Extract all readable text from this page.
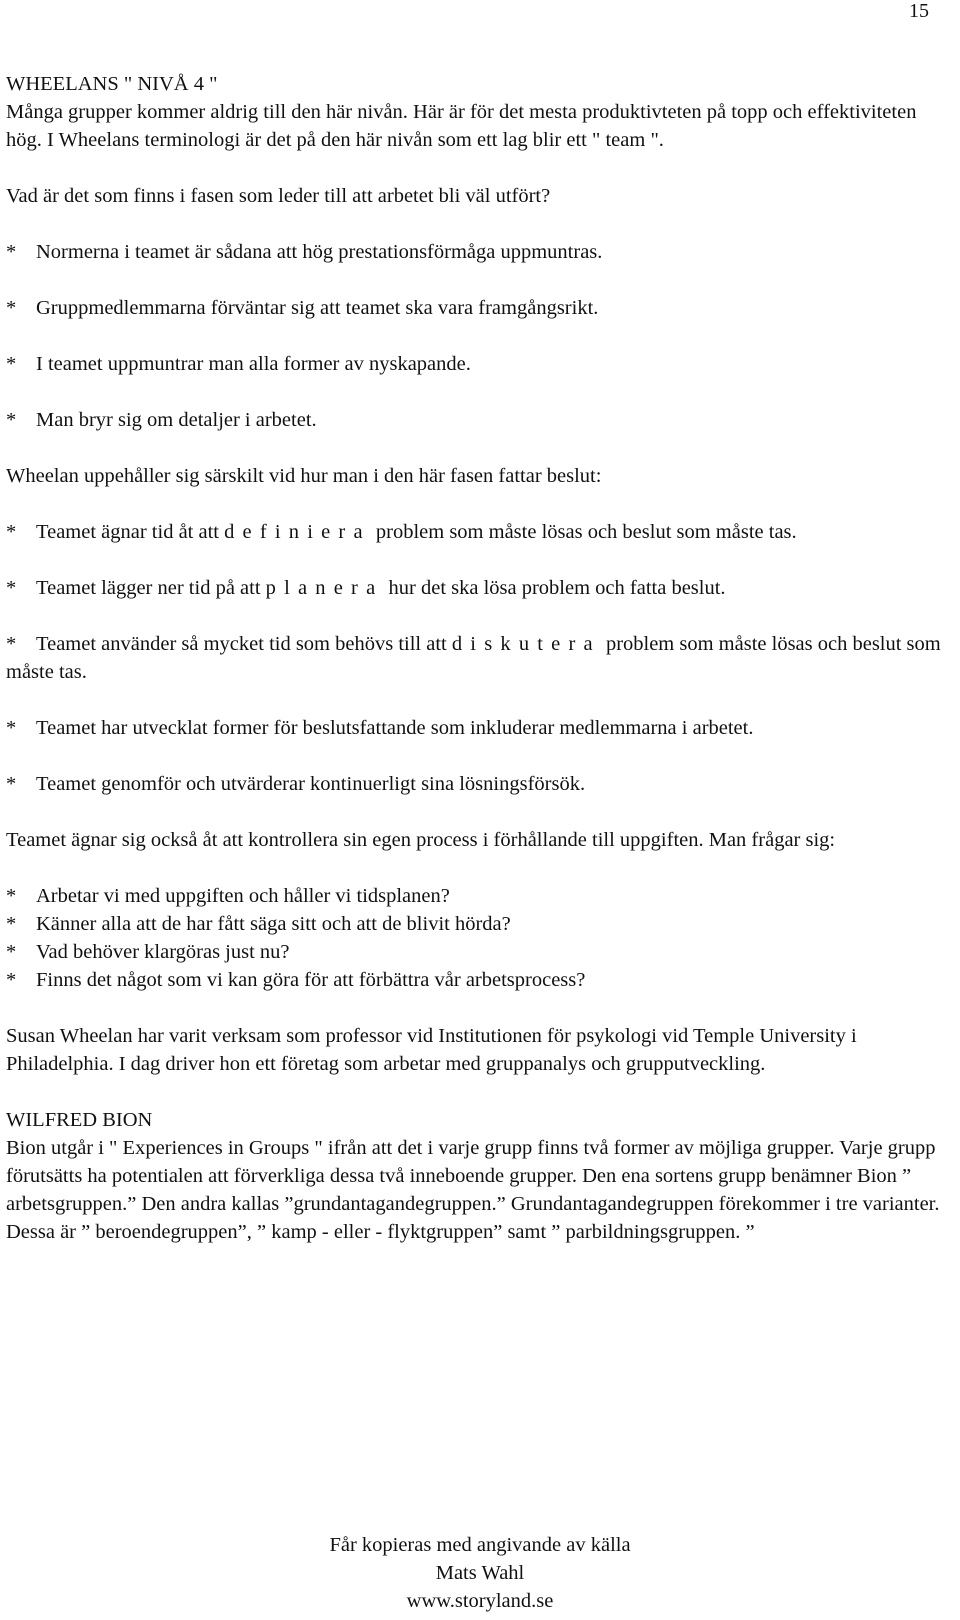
15

WHEELANS " NIVÅ 4 "

Många grupper kommer aldrig till den här nivån. Här är för det mesta produktivteten på topp och effektiviteten hög. I Wheelans terminologi är det på den här nivån som ett lag blir ett " team ".

Vad är det som finns i fasen som leder till att arbetet bli väl utfört?

* Normerna i teamet är sådana att hög prestationsförmåga uppmuntras.
* Gruppmedlemmarna förväntar sig att teamet ska vara framgångsrikt.
* I teamet uppmuntrar man alla former av nyskapande.
* Man bryr sig om detaljer i arbetet.

Wheelan uppehåller sig särskilt vid hur man i den här fasen fattar beslut:

* Teamet ägnar tid åt att definiera problem som måste lösas och beslut som måste tas.
* Teamet lägger ner tid på att planera hur det ska lösa problem och fatta beslut.
* Teamet använder så mycket tid som behövs till att diskutera problem som måste lösas och beslut som måste tas.
* Teamet har utvecklat former för beslutsfattande som inkluderar medlemmarna i arbetet.
* Teamet genomför och utvärderar kontinuerligt sina lösningsförsök.

Teamet ägnar sig också åt att kontrollera sin egen process i förhållande till uppgiften. Man frågar sig:

* Arbetar vi med uppgiften och håller vi tidsplanen?
* Känner alla att de har fått säga sitt och att de blivit hörda?
* Vad behöver klargöras just nu?
* Finns det något som vi kan göra för att förbättra vår arbetsprocess?

Susan Wheelan har varit verksam som professor vid Institutionen för psykologi vid Temple University i Philadelphia. I dag driver hon ett företag som arbetar med gruppanalys och grupputveckling.

WILFRED BION

Bion utgår i " Experiences in Groups " ifrån att det i varje grupp finns två former av möjliga grupper. Varje grupp förutsätts ha potentialen att förverkliga dessa två inneboende grupper. Den ena sortens grupp benämner Bion ” arbetsgruppen.” Den andra kallas ”grundantagandegruppen.” Grundantagandegruppen förekommer i tre varianter. Dessa är ” beroendegruppen”, ” kamp - eller - flyktgruppen” samt ” parbildningsgruppen. ”

Får kopieras med angivande av källa
Mats Wahl
www.storyland.se
